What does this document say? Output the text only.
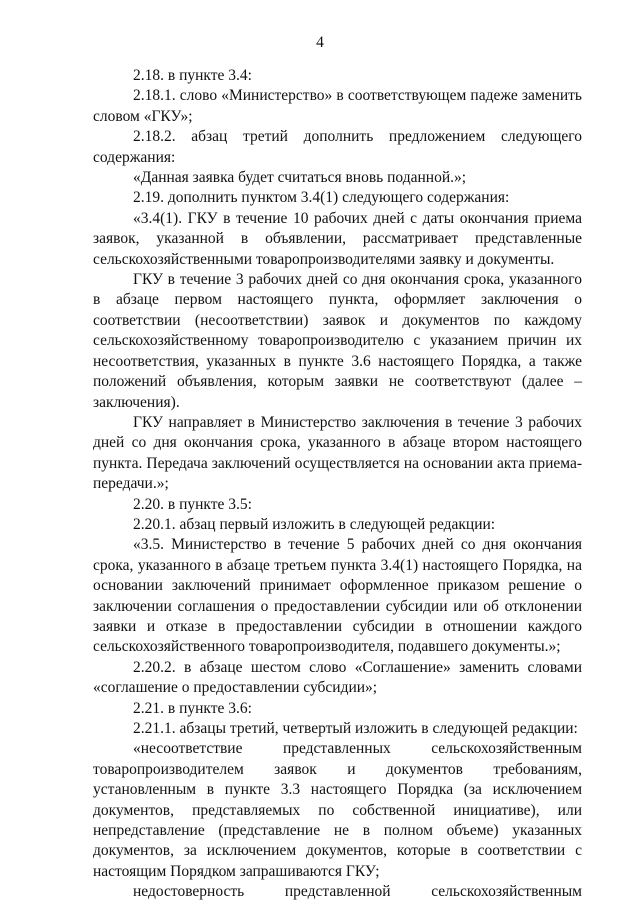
4

2.18. в пункте 3.4:

2.18.1. слово «Министерство» в соответствующем падеже заменить словом «ГКУ»;

2.18.2. абзац третий дополнить предложением следующего содержания:

«Данная заявка будет считаться вновь поданной.»;

2.19. дополнить пунктом 3.4(1) следующего содержания:

«3.4(1). ГКУ в течение 10 рабочих дней с даты окончания приема заявок, указанной в объявлении, рассматривает представленные сельскохозяйственными товаропроизводителями заявку и документы.

ГКУ в течение 3 рабочих дней со дня окончания срока, указанного в абзаце первом настоящего пункта, оформляет заключения о соответствии (несоответствии) заявок и документов по каждому сельскохозяйственному товаропроизводителю с указанием причин их несоответствия, указанных в пункте 3.6 настоящего Порядка, а также положений объявления, которым заявки не соответствуют (далее – заключения).

ГКУ направляет в Министерство заключения в течение 3 рабочих дней со дня окончания срока, указанного в абзаце втором настоящего пункта. Передача заключений осуществляется на основании акта приема-передачи.»;

2.20. в пункте 3.5:

2.20.1. абзац первый изложить в следующей редакции:

«3.5. Министерство в течение 5 рабочих дней со дня окончания срока, указанного в абзаце третьем пункта 3.4(1) настоящего Порядка, на основании заключений принимает оформленное приказом решение о заключении соглашения о предоставлении субсидии или об отклонении заявки и отказе в предоставлении субсидии в отношении каждого сельскохозяйственного товаропроизводителя, подавшего документы.»;

2.20.2. в абзаце шестом слово «Соглашение» заменить словами «соглашение о предоставлении субсидии»;

2.21. в пункте 3.6:

2.21.1. абзацы третий, четвертый изложить в следующей редакции:

«несоответствие представленных сельскохозяйственным товаропроизводителем заявок и документов требованиям, установленным в пункте 3.3 настоящего Порядка (за исключением документов, представляемых по собственной инициативе), или непредставление (представление не в полном объеме) указанных документов, за исключением документов, которые в соответствии с настоящим Порядком запрашиваются ГКУ;

недостоверность представленной сельскохозяйственным
